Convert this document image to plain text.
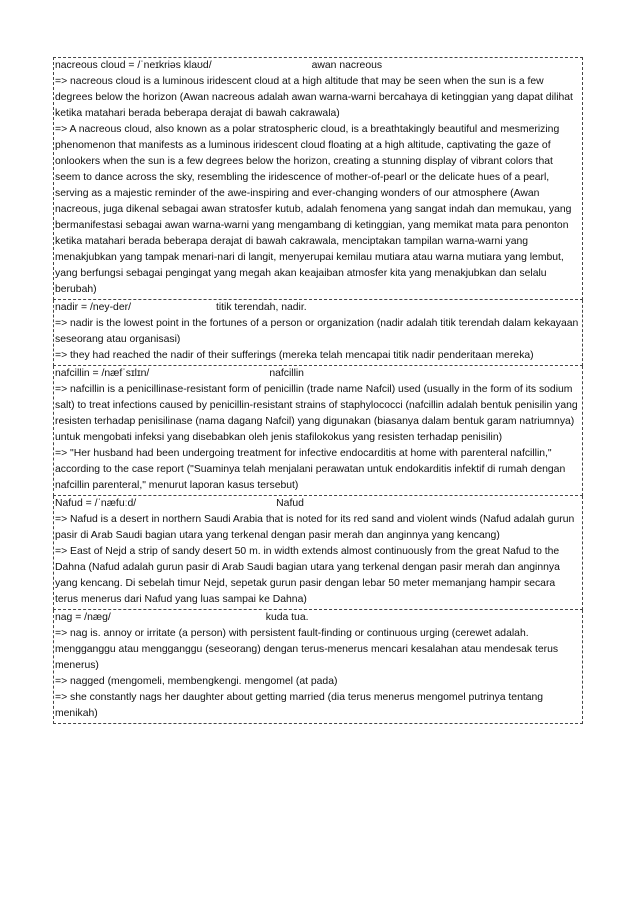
nacreous cloud = /ˈneɪkriəs klaʊd/	awan nacreous
=> nacreous cloud is a luminous iridescent cloud at a high altitude that may be seen when the sun is a few degrees below the horizon (Awan nacreous adalah awan warna-warni bercahaya di ketinggian yang dapat dilihat ketika matahari berada beberapa derajat di bawah cakrawala)
=> A nacreous cloud, also known as a polar stratospheric cloud, is a breathtakingly beautiful and mesmerizing phenomenon that manifests as a luminous iridescent cloud floating at a high altitude, captivating the gaze of onlookers when the sun is a few degrees below the horizon, creating a stunning display of vibrant colors that seem to dance across the sky, resembling the iridescence of mother-of-pearl or the delicate hues of a pearl, serving as a majestic reminder of the awe-inspiring and ever-changing wonders of our atmosphere (Awan nacreous, juga dikenal sebagai awan stratosfer kutub, adalah fenomena yang sangat indah dan memukau, yang bermanifestasi sebagai awan warna-warni yang mengambang di ketinggian, yang memikat mata para penonton ketika matahari berada beberapa derajat di bawah cakrawala, menciptakan tampilan warna-warni yang menakjubkan yang tampak menari-nari di langit, menyerupai kemilau mutiara atau warna mutiara yang lembut, yang berfungsi sebagai pengingat yang megah akan keajaiban atmosfer kita yang menakjubkan dan selalu berubah)
nadir = /ney-der/	titik terendah, nadir.
=> nadir is the lowest point in the fortunes of a person or organization (nadir adalah titik terendah dalam kekayaan seseorang atau organisasi)
=> they had reached the nadir of their sufferings (mereka telah mencapai titik nadir penderitaan mereka)
nafcillin = /næfˈsɪlɪn/	nafcillin
=> nafcillin is a penicillinase-resistant form of penicillin (trade name Nafcil) used (usually in the form of its sodium salt) to treat infections caused by penicillin-resistant strains of staphylococci (nafcillin adalah bentuk penisilin yang resisten terhadap penisilinase (nama dagang Nafcil) yang digunakan (biasanya dalam bentuk garam natriumnya) untuk mengobati infeksi yang disebabkan oleh jenis stafilokokus yang resisten terhadap penisilin)
=> "Her husband had been undergoing treatment for infective endocarditis at home with parenteral nafcillin," according to the case report ("Suaminya telah menjalani perawatan untuk endokarditis infektif di rumah dengan nafcillin parenteral," menurut laporan kasus tersebut)
Nafud = /ˈnæfuːd/	Nafud
=> Nafud is a desert in northern Saudi Arabia that is noted for its red sand and violent winds (Nafud adalah gurun pasir di Arab Saudi bagian utara yang terkenal dengan pasir merah dan anginnya yang kencang)
=> East of Nejd a strip of sandy desert 50 m. in width extends almost continuously from the great Nafud to the Dahna (Nafud adalah gurun pasir di Arab Saudi bagian utara yang terkenal dengan pasir merah dan anginnya yang kencang. Di sebelah timur Nejd, sepetak gurun pasir dengan lebar 50 meter memanjang hampir secara terus menerus dari Nafud yang luas sampai ke Dahna)
nag = /næg/	kuda tua.
=> nag is. annoy or irritate (a person) with persistent fault-finding or continuous urging (cerewet adalah. mengganggu atau mengganggu (seseorang) dengan terus-menerus mencari kesalahan atau mendesak terus menerus)
=> nagged (mengomeli, membengkengi. mengomel (at pada)
=> she constantly nags her daughter about getting married (dia terus menerus mengomel putrinya tentang menikah)
